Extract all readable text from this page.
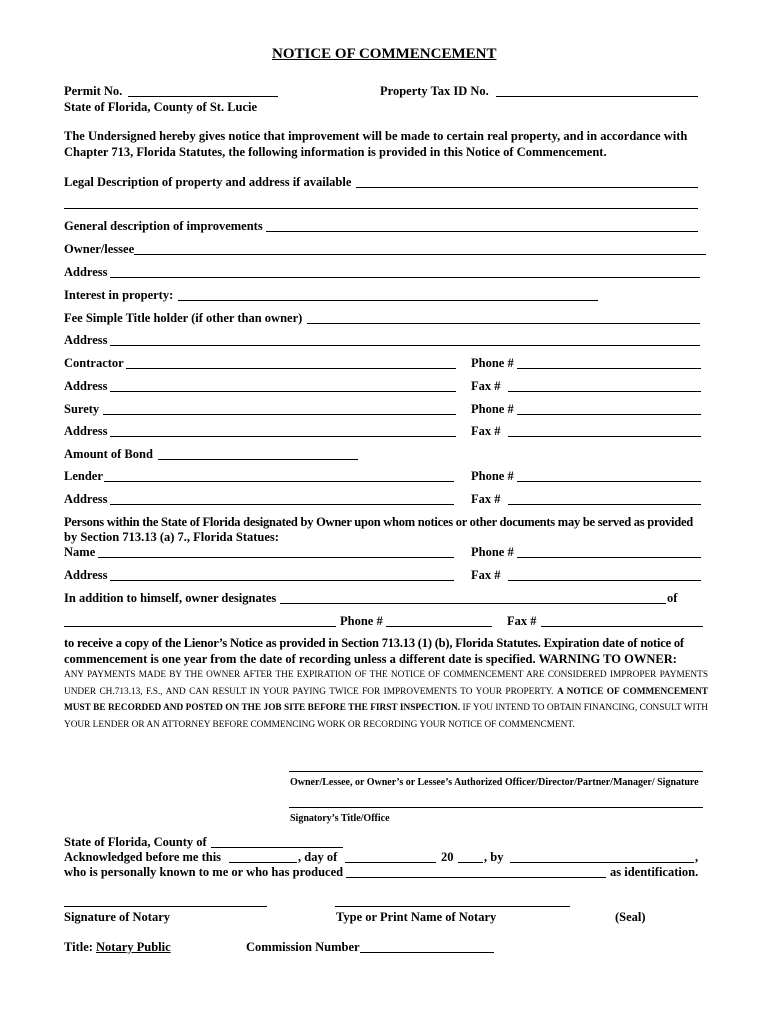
NOTICE OF COMMENCEMENT
Permit No.	Property Tax ID No.
State of Florida, County of St. Lucie
The Undersigned hereby gives notice that improvement will be made to certain real property, and in accordance with
Chapter 713, Florida Statutes, the following information is provided in this Notice of Commencement.
Legal Description of property and address if available
General description of improvements
Owner/lessee
Address
Interest in property:
Fee Simple Title holder (if other than owner)
Address
Contractor	Phone #
Address	Fax #
Surety	Phone #
Address	Fax #
Amount of Bond
Lender	Phone #
Address	Fax #
Persons within the State of Florida designated by Owner upon whom notices or other documents may be served as provided
by Section 713.13 (a) 7., Florida Statues:
Name	Phone #
Address	Fax #
In addition to himself, owner designates	of
Phone #	Fax #
to receive a copy of the Lienor’s Notice as provided in Section 713.13 (1) (b), Florida Statutes. Expiration date of notice of
commencement is one year from the date of recording unless a different date is specified. WARNING TO OWNER:
ANY PAYMENTS MADE BY THE OWNER AFTER THE EXPIRATION OF THE NOTICE OF COMMENCEMENT ARE CONSIDERED IMPROPER PAYMENTS UNDER CH.713.13, F.S., AND CAN RESULT IN YOUR PAYING TWICE FOR IMPROVEMENTS TO YOUR PROPERTY. A NOTICE OF COMMENCEMENT MUST BE RECORDED AND POSTED ON THE JOB SITE BEFORE THE FIRST INSPECTION. IF YOU INTEND TO OBTAIN FINANCING, CONSULT WITH YOUR LENDER OR AN ATTORNEY BEFORE COMMENCING WORK OR RECORDING YOUR NOTICE OF COMMENCMENT.
Owner/Lessee, or Owner’s or Lessee’s Authorized Officer/Director/Partner/Manager/ Signature
Signatory’s Title/Office
State of Florida, County of
Acknowledged before me this	, day of	20 , by	,
who is personally known to me or who has produced	as identification.
Signature of Notary	Type or Print Name of Notary	(Seal)
Title: Notary Public	Commission Number
